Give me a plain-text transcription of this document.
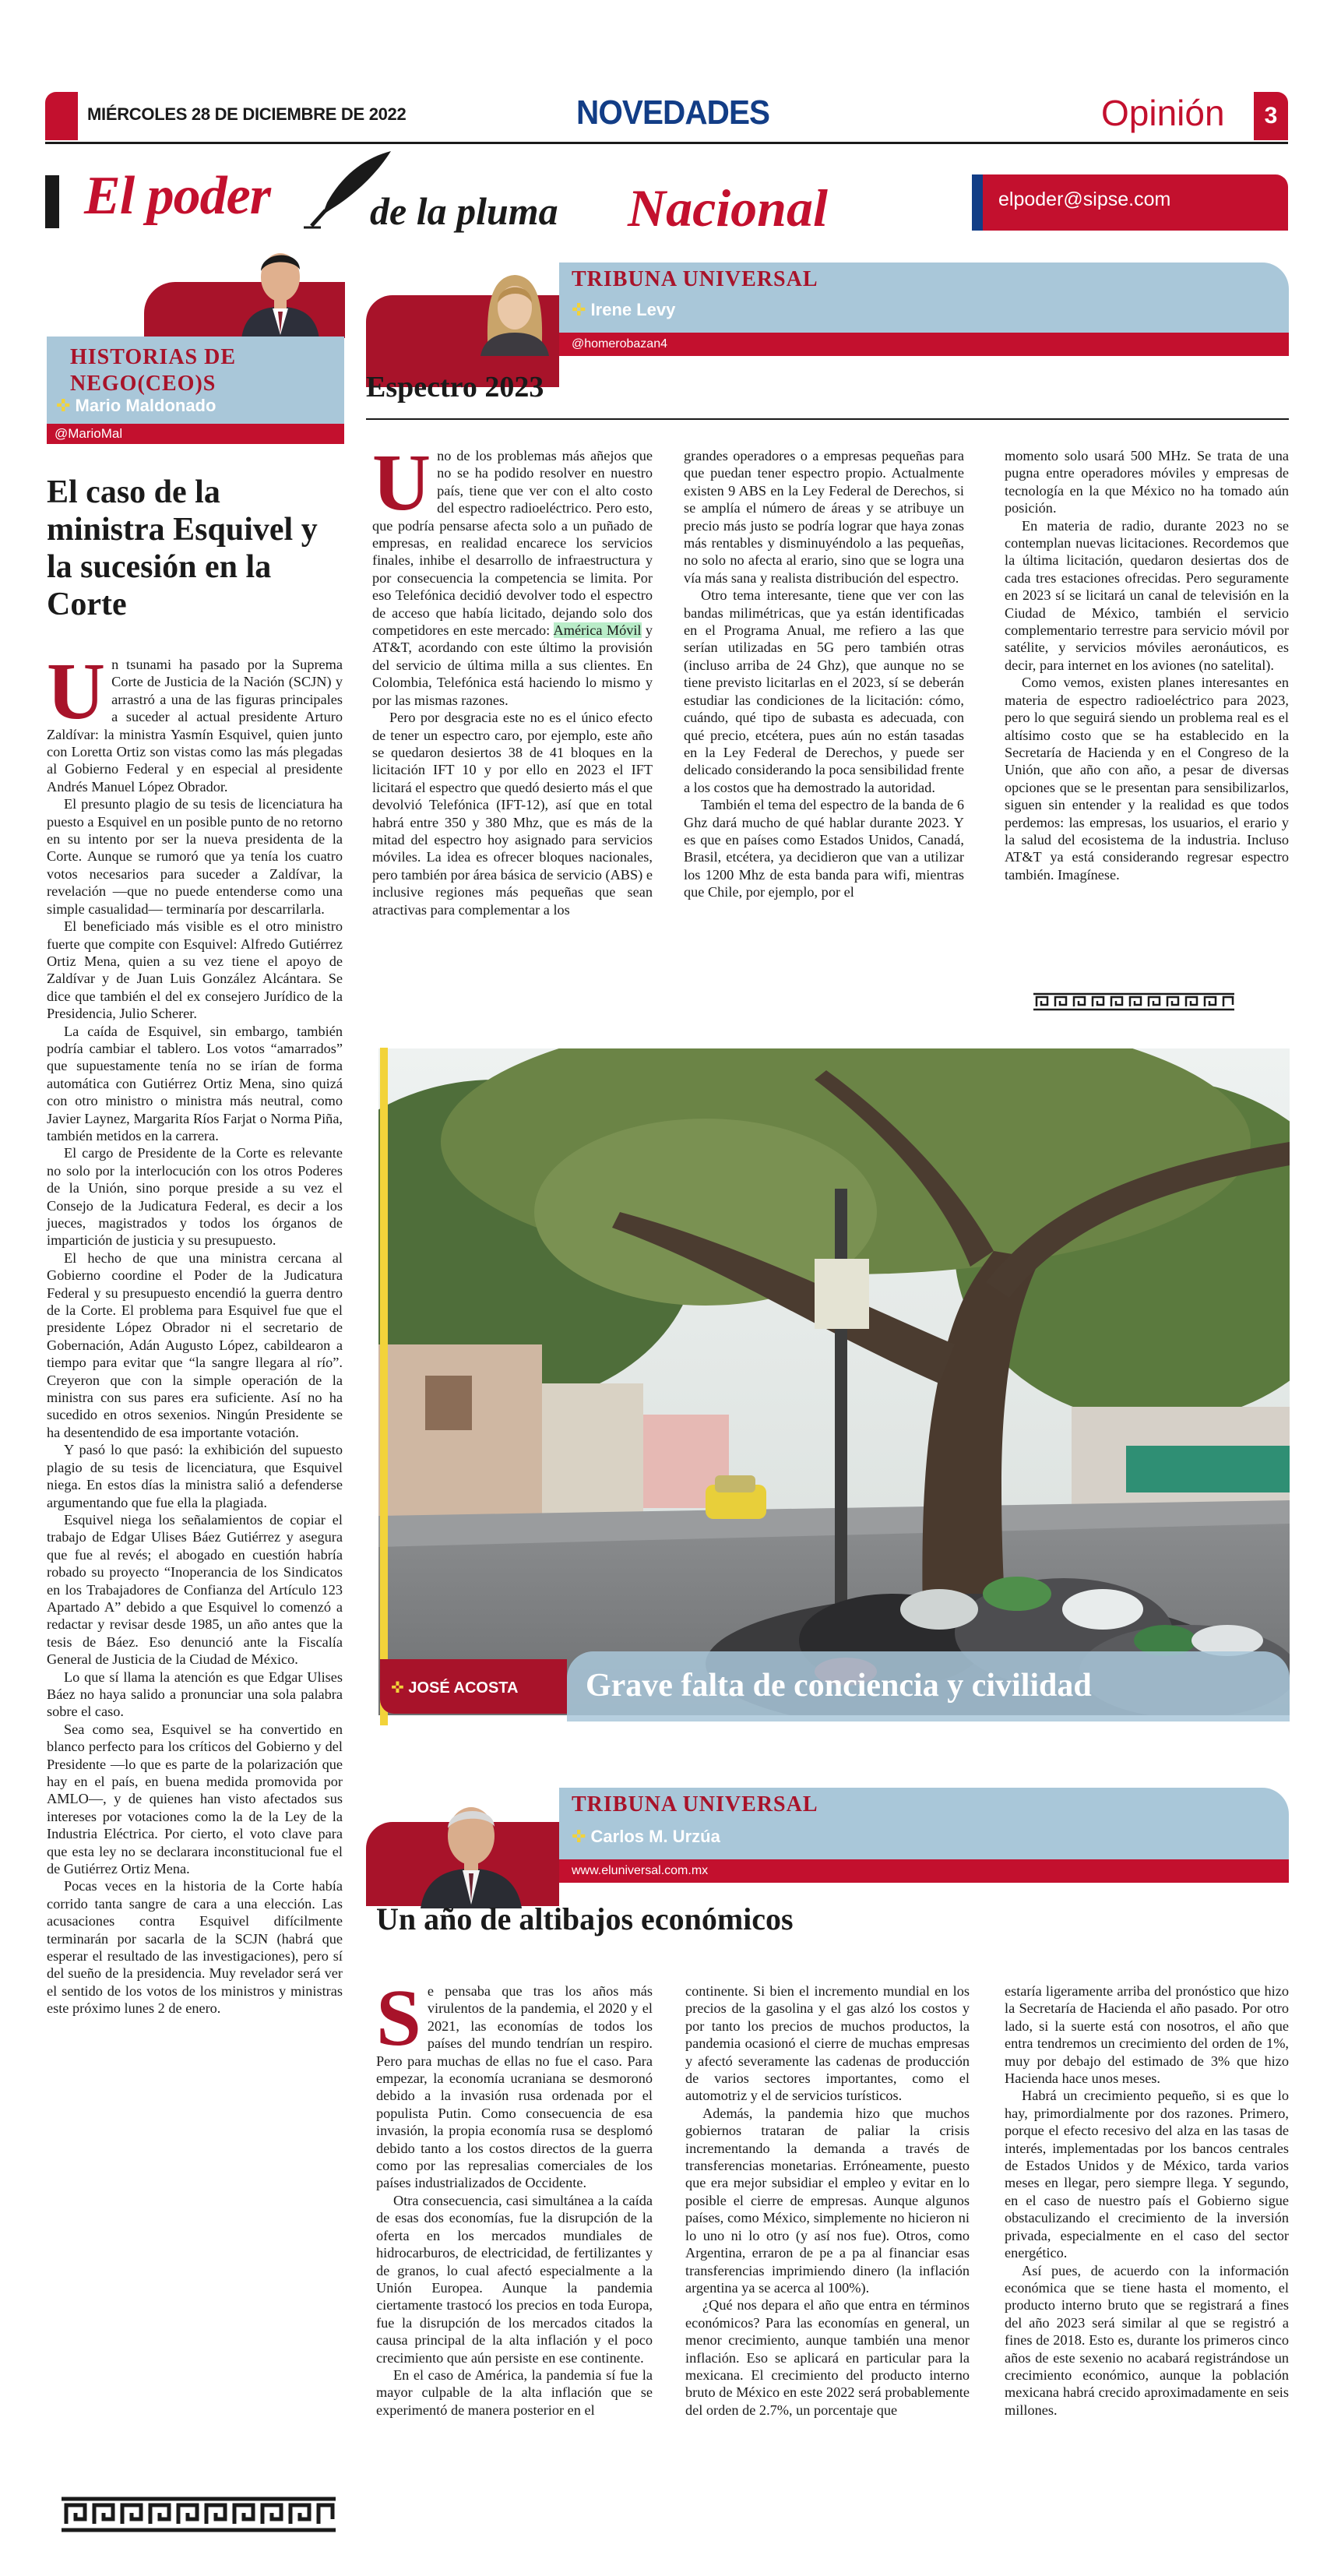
MIÉRCOLES 28 DE DICIEMBRE DE 2022	NOVEDADES	Opinión	3
El poder	de la pluma Nacional	elpoder@sipse.com
HISTORIAS DE NEGO(CEO)S
✜ Mario Maldonado
@MarioMal
El caso de la ministra Esquivel y la sucesión en la Corte

Un tsunami ha pasado por la Suprema Corte de Justicia de la Nación (SCJN) y arrastró a una de las figuras principales a suceder al actual presidente Arturo Zaldívar: la ministra Yasmín Esquivel, quien junto con Loretta Ortiz son vistas como las más plegadas al Gobierno Federal y en especial al presidente Andrés Manuel López Obrador.

El presunto plagio de su tesis de licenciatura ha puesto a Esquivel en un posible punto de no retorno en su intento por ser la nueva presidenta de la Corte. Aunque se rumoró que ya tenía los cuatro votos necesarios para suceder a Zaldívar, la revelación —que no puede entenderse como una simple casualidad— terminaría por descarrilarla.

El beneficiado más visible es el otro ministro fuerte que compite con Esquivel: Alfredo Gutiérrez Ortiz Mena, quien a su vez tiene el apoyo de Zaldívar y de Juan Luis González Alcántara. Se dice que también el del ex consejero Jurídico de la Presidencia, Julio Scherer.

La caída de Esquivel, sin embargo, también podría cambiar el tablero. Los votos “amarrados” que supuestamente tenía no se irían de forma automática con Gutiérrez Ortiz Mena, sino quizá con otro ministro o ministra más neutral, como Javier Laynez, Margarita Ríos Farjat o Norma Piña, también metidos en la carrera.

El cargo de Presidente de la Corte es relevante no solo por la interlocución con los otros Poderes de la Unión, sino porque preside a su vez el Consejo de la Judicatura Federal, es decir a los jueces, magistrados y todos los órganos de impartición de justicia y su presupuesto.

El hecho de que una ministra cercana al Gobierno coordine el Poder de la Judicatura Federal y su presupuesto encendió la guerra dentro de la Corte. El problema para Esquivel fue que el presidente López Obrador ni el secretario de Gobernación, Adán Augusto López, cabildearon a tiempo para evitar que “la sangre llegara al río”. Creyeron que con la simple operación de la ministra con sus pares era suficiente. Así no ha sucedido en otros sexenios. Ningún Presidente se ha desentendido de esa importante votación.

Y pasó lo que pasó: la exhibición del supuesto plagio de su tesis de licenciatura, que Esquivel niega. En estos días la ministra salió a defenderse argumentando que fue ella la plagiada.

Esquivel niega los señalamientos de copiar el trabajo de Edgar Ulises Báez Gutiérrez y asegura que fue al revés; el abogado en cuestión habría robado su proyecto “Inoperancia de los Sindicatos en los Trabajadores de Confianza del Artículo 123 Apartado A” debido a que Esquivel lo comenzó a redactar y revisar desde 1985, un año antes que la tesis de Báez. Eso denunció ante la Fiscalía General de Justicia de la Ciudad de México.

Lo que sí llama la atención es que Edgar Ulises Báez no haya salido a pronunciar una sola palabra sobre el caso.

Sea como sea, Esquivel se ha convertido en blanco perfecto para los críticos del Gobierno y del Presidente —lo que es parte de la polarización que hay en el país, en buena medida promovida por AMLO—, y de quienes han visto afectados sus intereses por votaciones como la de la Ley de la Industria Eléctrica. Por cierto, el voto clave para que esta ley no se declarara inconstitucional fue el de Gutiérrez Ortiz Mena.

Pocas veces en la historia de la Corte había corrido tanta sangre de cara a una elección. Las acusaciones contra Esquivel difícilmente terminarán por sacarla de la SCJN (habrá que esperar el resultado de las investigaciones), pero sí del sueño de la presidencia. Muy revelador será ver el sentido de los votos de los ministros y ministras este próximo lunes 2 de enero.

@homerobazan4
TRIBUNA UNIVERSAL
✜ Irene Levy
Espectro 2023

Uno de los problemas más añejos que no se ha podido resolver en nuestro país, tiene que ver con el alto costo del espectro radioeléctrico. Pero esto, que podría pensarse afecta solo a un puñado de empresas, en realidad encarece los servicios finales, inhibe el desarrollo de infraestructura y por consecuencia la competencia se limita. Por eso Telefónica decidió devolver todo el espectro de acceso que había licitado, dejando solo dos competidores en este mercado: América Móvil y AT&T, acordando con este último la provisión del servicio de última milla a sus clientes. En Colombia, Telefónica está haciendo lo mismo y por las mismas razones.

Pero por desgracia este no es el único efecto de tener un espectro caro, por ejemplo, este año se quedaron desiertos 38 de 41 bloques en la licitación IFT 10 y por ello en 2023 el IFT licitará el espectro que quedó desierto más el que devolvió Telefónica (IFT-12), así que en total habrá entre 350 y 380 Mhz, que es más de la mitad del espectro hoy asignado para servicios móviles. La idea es ofrecer bloques nacionales, pero también por área básica de servicio (ABS) e inclusive regiones más pequeñas que sean atractivas para complementar a los

grandes operadores o a empresas pequeñas para que puedan tener espectro propio. Actualmente existen 9 ABS en la Ley Federal de Derechos, si se amplía el número de áreas y se atribuye un precio más justo se podría lograr que haya zonas más rentables y disminuyéndolo a las pequeñas, no solo no afecta al erario, sino que se logra una vía más sana y realista distribución del espectro.

Otro tema interesante, tiene que ver con las bandas milimétricas, que ya están identificadas en el Programa Anual, me refiero a las que serían utilizadas en 5G pero también otras (incluso arriba de 24 Ghz), que aunque no se tiene previsto licitarlas en el 2023, sí se deberán estudiar las condiciones de la licitación: cómo, cuándo, qué tipo de subasta es adecuada, con qué precio, etcétera, pues aún no están tasadas en la Ley Federal de Derechos, y puede ser delicado considerando la poca sensibilidad frente a los costos que ha demostrado la autoridad.

También el tema del espectro de la banda de 6 Ghz dará mucho de qué hablar durante 2023. Y es que en países como Estados Unidos, Canadá, Brasil, etcétera, ya decidieron que van a utilizar los 1200 Mhz de esta banda para wifi, mientras que Chile, por ejemplo, por el

momento solo usará 500 MHz. Se trata de una pugna entre operadores móviles y empresas de tecnología en la que México no ha tomado aún posición.

En materia de radio, durante 2023 no se contemplan nuevas licitaciones. Recordemos que la última licitación, quedaron desiertas dos de cada tres estaciones ofrecidas. Pero seguramente en 2023 sí se licitará un canal de televisión en la Ciudad de México, también el servicio complementario terrestre para servicio móvil por satélite, y servicios móviles aeronáuticos, es decir, para internet en los aviones (no satelital).

Como vemos, existen planes interesantes en materia de espectro radioeléctrico para 2023, pero lo que seguirá siendo un problema real es el altísimo costo que se ha establecido en la Secretaría de Hacienda y en el Congreso de la Unión, que año con año, a pesar de diversas opciones que se le presentan para sensibilizarlos, siguen sin entender y la realidad es que todos perdemos: las empresas, los usuarios, el erario y la salud del ecosistema de la industria. Incluso AT&T ya está considerando regresar espectro también. Imagínese.

✜ JOSÉ ACOSTA	Grave falta de conciencia y civilidad
www.eluniversal.com.mx
TRIBUNA UNIVERSAL
✜ Carlos M. Urzúa
Un año de altibajos económicos

Se pensaba que tras los años más virulentos de la pandemia, el 2020 y el 2021, las economías de todos los países del mundo tendrían un respiro. Pero para muchas de ellas no fue el caso. Para empezar, la economía ucraniana se desmoronó debido a la invasión rusa ordenada por el populista Putin. Como consecuencia de esa invasión, la propia economía rusa se desplomó debido tanto a los costos directos de la guerra como por las represalias comerciales de los países industrializados de Occidente.

Otra consecuencia, casi simultánea a la caída de esas dos economías, fue la disrupción de la oferta en los mercados mundiales de hidrocarburos, de electricidad, de fertilizantes y de granos, lo cual afectó especialmente a la Unión Europea. Aunque la pandemia ciertamente trastocó los precios en toda Europa, fue la disrupción de los mercados citados la causa principal de la alta inflación y el poco crecimiento que aún persiste en ese continente.

En el caso de América, la pandemia sí fue la mayor culpable de la alta inflación que se experimentó de manera posterior en el

continente. Si bien el incremento mundial en los precios de la gasolina y el gas alzó los costos y por tanto los precios de muchos productos, la pandemia ocasionó el cierre de muchas empresas y afectó severamente las cadenas de producción de varios sectores importantes, como el automotriz y el de servicios turísticos.

Además, la pandemia hizo que muchos gobiernos trataran de paliar la crisis incrementando la demanda a través de transferencias monetarias. Erróneamente, puesto que era mejor subsidiar el empleo y evitar en lo posible el cierre de empresas. Aunque algunos países, como México, simplemente no hicieron ni lo uno ni lo otro (y así nos fue). Otros, como Argentina, erraron de pe a pa al financiar esas transferencias imprimiendo dinero (la inflación argentina ya se acerca al 100%).

¿Qué nos depara el año que entra en términos económicos? Para las economías en general, un menor crecimiento, aunque también una menor inflación. Eso se aplicará en particular para la mexicana. El crecimiento del producto interno bruto de México en este 2022 será probablemente del orden de 2.7%, un porcentaje que

estaría ligeramente arriba del pronóstico que hizo la Secretaría de Hacienda el año pasado. Por otro lado, si la suerte está con nosotros, el año que entra tendremos un crecimiento del orden de 1%, muy por debajo del estimado de 3% que hizo Hacienda hace unos meses.

Habrá un crecimiento pequeño, si es que lo hay, primordialmente por dos razones. Primero, porque el efecto recesivo del alza en las tasas de interés, implementadas por los bancos centrales de Estados Unidos y de México, tarda varios meses en llegar, pero siempre llega. Y segundo, en el caso de nuestro país el Gobierno sigue obstaculizando el crecimiento de la inversión privada, especialmente en el caso del sector energético.

Así pues, de acuerdo con la información económica que se tiene hasta el momento, el producto interno bruto que se registrará a fines del año 2023 será similar al que se registró a fines de 2018. Esto es, durante los primeros cinco años de este sexenio no acabará registrándose un crecimiento económico, aunque la población mexicana habrá crecido aproximadamente en seis millones.
